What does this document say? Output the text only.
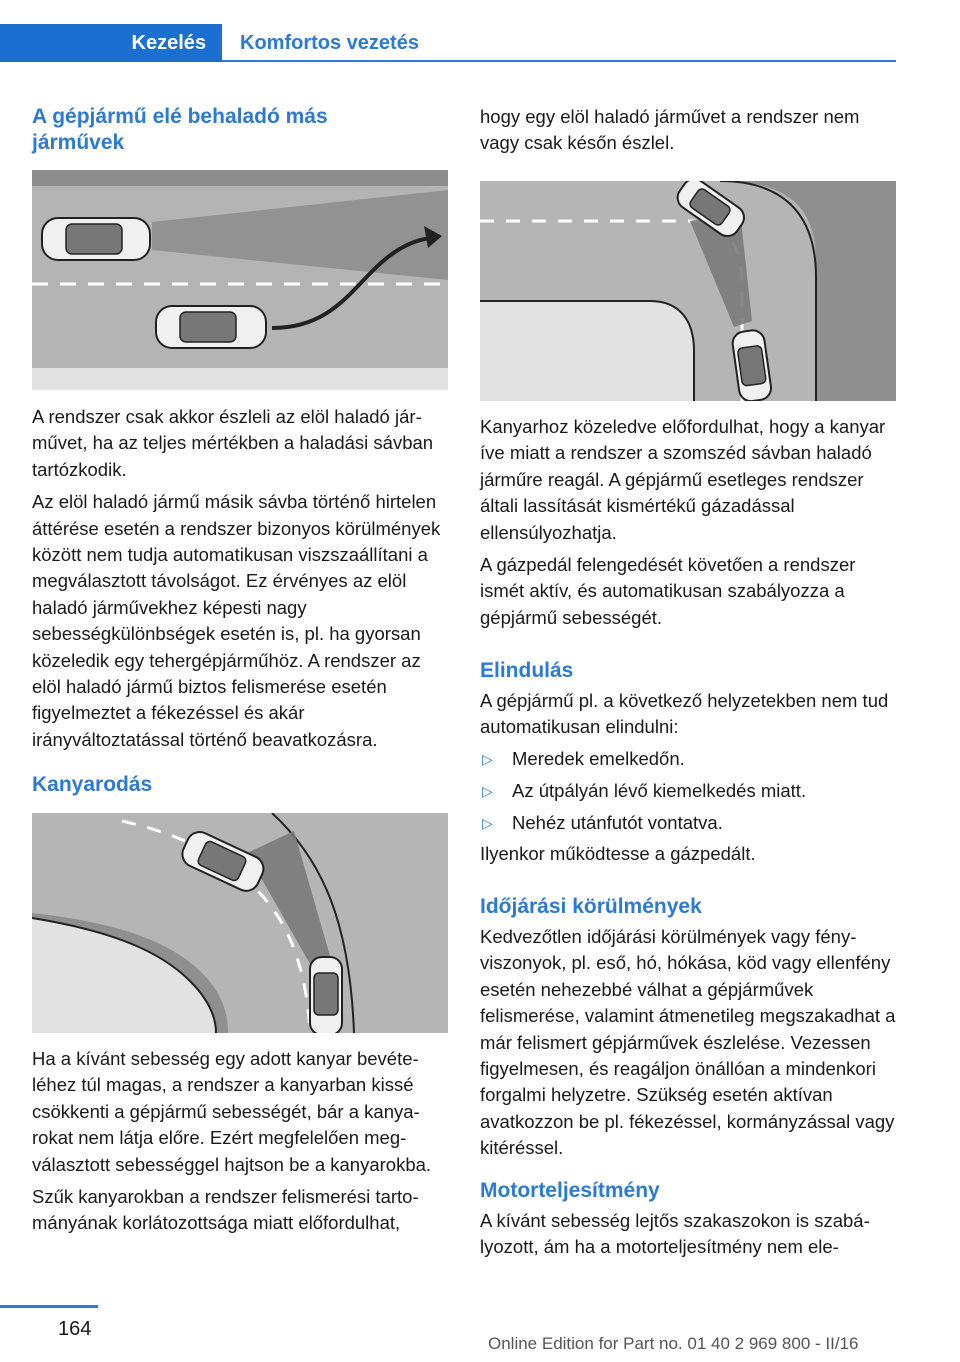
Kezelés	Komfortos vezetés
A gépjármű elé behaladó más járművek

A rendszer csak akkor észleli az elöl haladó járművet, ha az teljes mértékben a haladási sávban tartózkodik.

Az elöl haladó jármű másik sávba történő hirtelen áttérése esetén a rendszer bizonyos körülmények között nem tudja automatikusan viszszaállítani a megválasztott távolságot. Ez érvényes az elöl haladó járművekhez képesti nagy sebességkülönbségek esetén is, pl. ha gyorsan közeledik egy tehergépjárműhöz. A rendszer az elöl haladó jármű biztos felismerése esetén figyelmeztet a fékezéssel és akár irányváltoztatással történő beavatkozásra.

Kanyarodás

Ha a kívánt sebesség egy adott kanyar bevételéhez túl magas, a rendszer a kanyarban kissé csökkenti a gépjármű sebességét, bár a kanyarokat nem látja előre. Ezért megfelelően megválasztott sebességgel hajtson be a kanyarokba.

Szűk kanyarokban a rendszer felismerési tartományának korlátozottsága miatt előfordulhat,

hogy egy elöl haladó járművet a rendszer nem vagy csak későn észlel.

Kanyarhoz közeledve előfordulhat, hogy a kanyar íve miatt a rendszer a szomszéd sávban haladó járműre reagál. A gépjármű esetleges rendszer általi lassítását kismértékű gázadással ellensúlyozhatja.

A gázpedál felengedését követően a rendszer ismét aktív, és automatikusan szabályozza a gépjármű sebességét.

Elindulás

A gépjármű pl. a következő helyzetekben nem tud automatikusan elindulni:

▷ Meredek emelkedőn.
▷ Az útpályán lévő kiemelkedés miatt.
▷ Nehéz utánfutót vontatva.

Ilyenkor működtesse a gázpedált.

Időjárási körülmények

Kedvezőtlen időjárási körülmények vagy fényviszonyok, pl. eső, hó, hókása, köd vagy ellenfény esetén nehezebbé válhat a gépjárművek felismerése, valamint átmenetileg megszakadhat a már felismert gépjárművek észlelése. Vezessen figyelmesen, és reagáljon önállóan a mindenkori forgalmi helyzetre. Szükség esetén aktívan avatkozzon be pl. fékezéssel, kormányzással vagy kitéréssel.

Motorteljesítmény

A kívánt sebesség lejtős szakaszokon is szabályozott, ám ha a motorteljesítmény nem ele-

164
Online Edition for Part no. 01 40 2 969 800 - II/16
